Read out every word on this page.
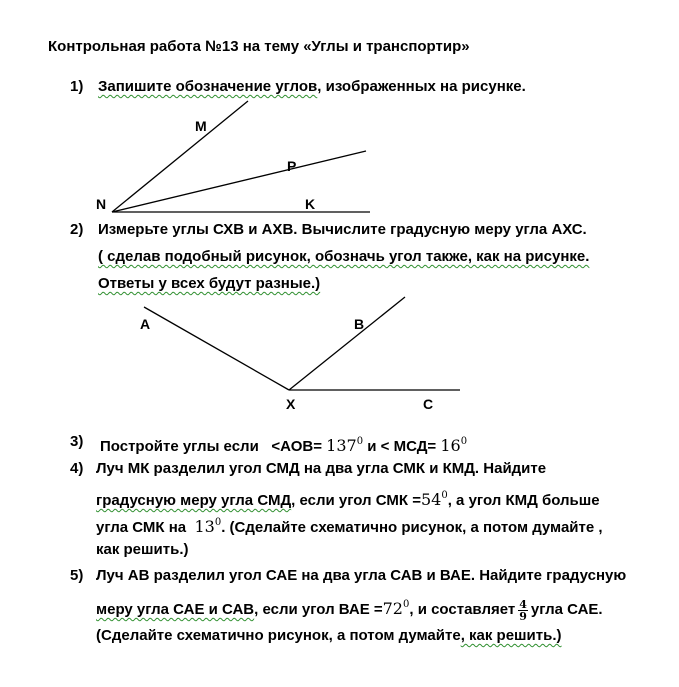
Контрольная работа №13 на тему «Углы и транспортир»

1) Запишите обозначение углов, изображенных на рисунке.

M
P
N	K
2) Измерьте углы СХВ и АХВ. Вычислите градусную меру угла АХС.

( сделав подобный рисунок, обозначь угол также, как на рисунке.

Ответы у всех будут разные.)

A	B
X	C
3) Постройте углы если $<АОВ= 137^0$ $и < МСД= 16^0$

4) Луч МК разделил угол СМД на два угла СМК и КМД. Найдите

градусную меру угла СМД, если угол СМК $=54^0$, а угол КМД больше

угла СМК на $13^0$. (Сделайте схематично рисунок, а потом думайте ,

как решить.)

5) Луч АВ разделил угол САЕ на два угла САВ и ВАЕ. Найдите градусную

меру угла САЕ и САВ, если угол ВАЕ $=72^0$, и составляет $\frac{4}{9}$ угла САЕ.

(Сделайте схематично рисунок, а потом думайте, как решить.)
